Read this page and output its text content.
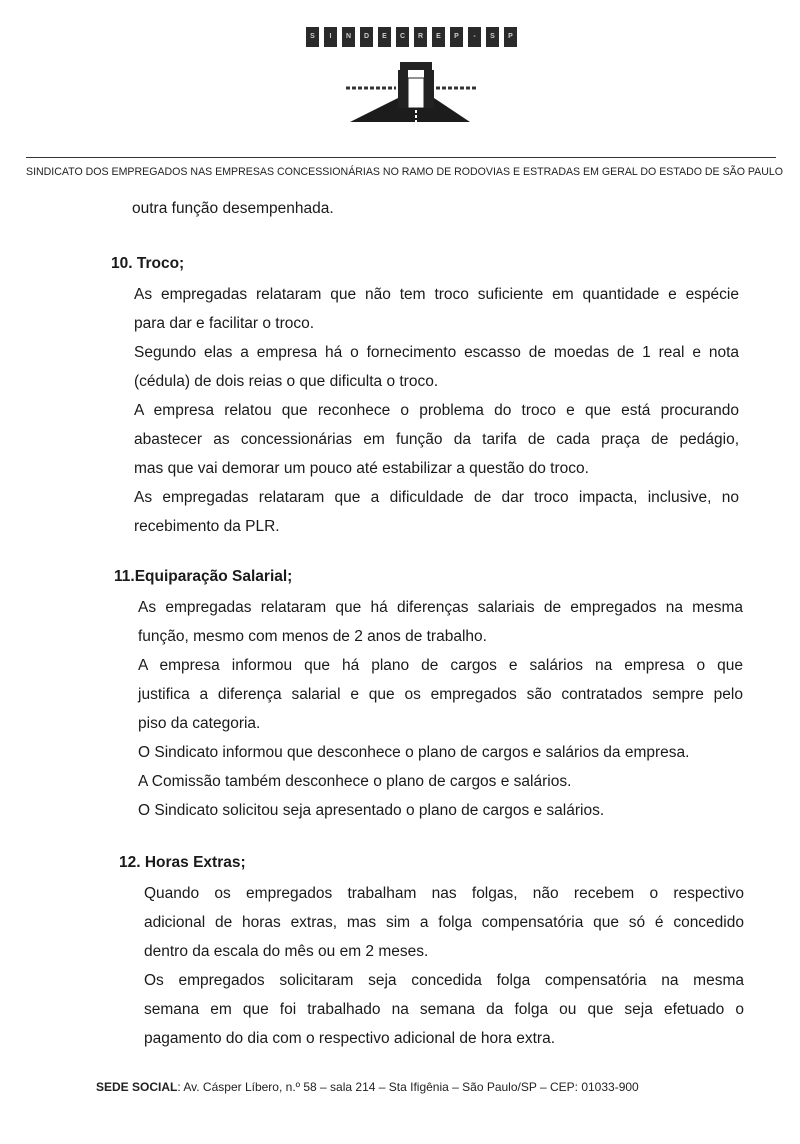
S	I	N	D	E	C	R	E	P	-	S	P
SINDICATO DOS EMPREGADOS NAS EMPRESAS CONCESSIONÁRIAS NO RAMO DE RODOVIAS E ESTRADAS EM GERAL DO ESTADO DE SÃO PAULO

outra função desempenhada.

10. Troco;
As empregadas relataram que não tem troco suficiente em quantidade e espécie
para dar e facilitar o troco.
Segundo elas a empresa há o fornecimento escasso de moedas de 1 real e nota
(cédula) de dois reias o que dificulta o troco.
A empresa relatou que reconhece o problema do troco e que está procurando
abastecer as concessionárias em função da tarifa de cada praça de pedágio,
mas que vai demorar um pouco até estabilizar a questão do troco.
As empregadas relataram que a dificuldade de dar troco impacta, inclusive, no
recebimento da PLR.
11.Equiparação Salarial;
As empregadas relataram que há diferenças salariais de empregados na mesma
função, mesmo com menos de 2 anos de trabalho.
A empresa informou que há plano de cargos e salários na empresa o que
justifica a diferença salarial e que os empregados são contratados sempre pelo
piso da categoria.
O Sindicato informou que desconhece o plano de cargos e salários da empresa.
A Comissão também desconhece o plano de cargos e salários.
O Sindicato solicitou seja apresentado o plano de cargos e salários.
12. Horas Extras;
Quando os empregados trabalham nas folgas, não recebem o respectivo
adicional de horas extras, mas sim a folga compensatória que só é concedido
dentro da escala do mês ou em 2 meses.
Os empregados solicitaram seja concedida folga compensatória na mesma
semana em que foi trabalhado na semana da folga ou que seja efetuado o
pagamento do dia com o respectivo adicional de hora extra.
SEDE SOCIAL: Av. Cásper Líbero, n.º 58 – sala 214 – Sta Ifigênia – São Paulo/SP – CEP: 01033-900
